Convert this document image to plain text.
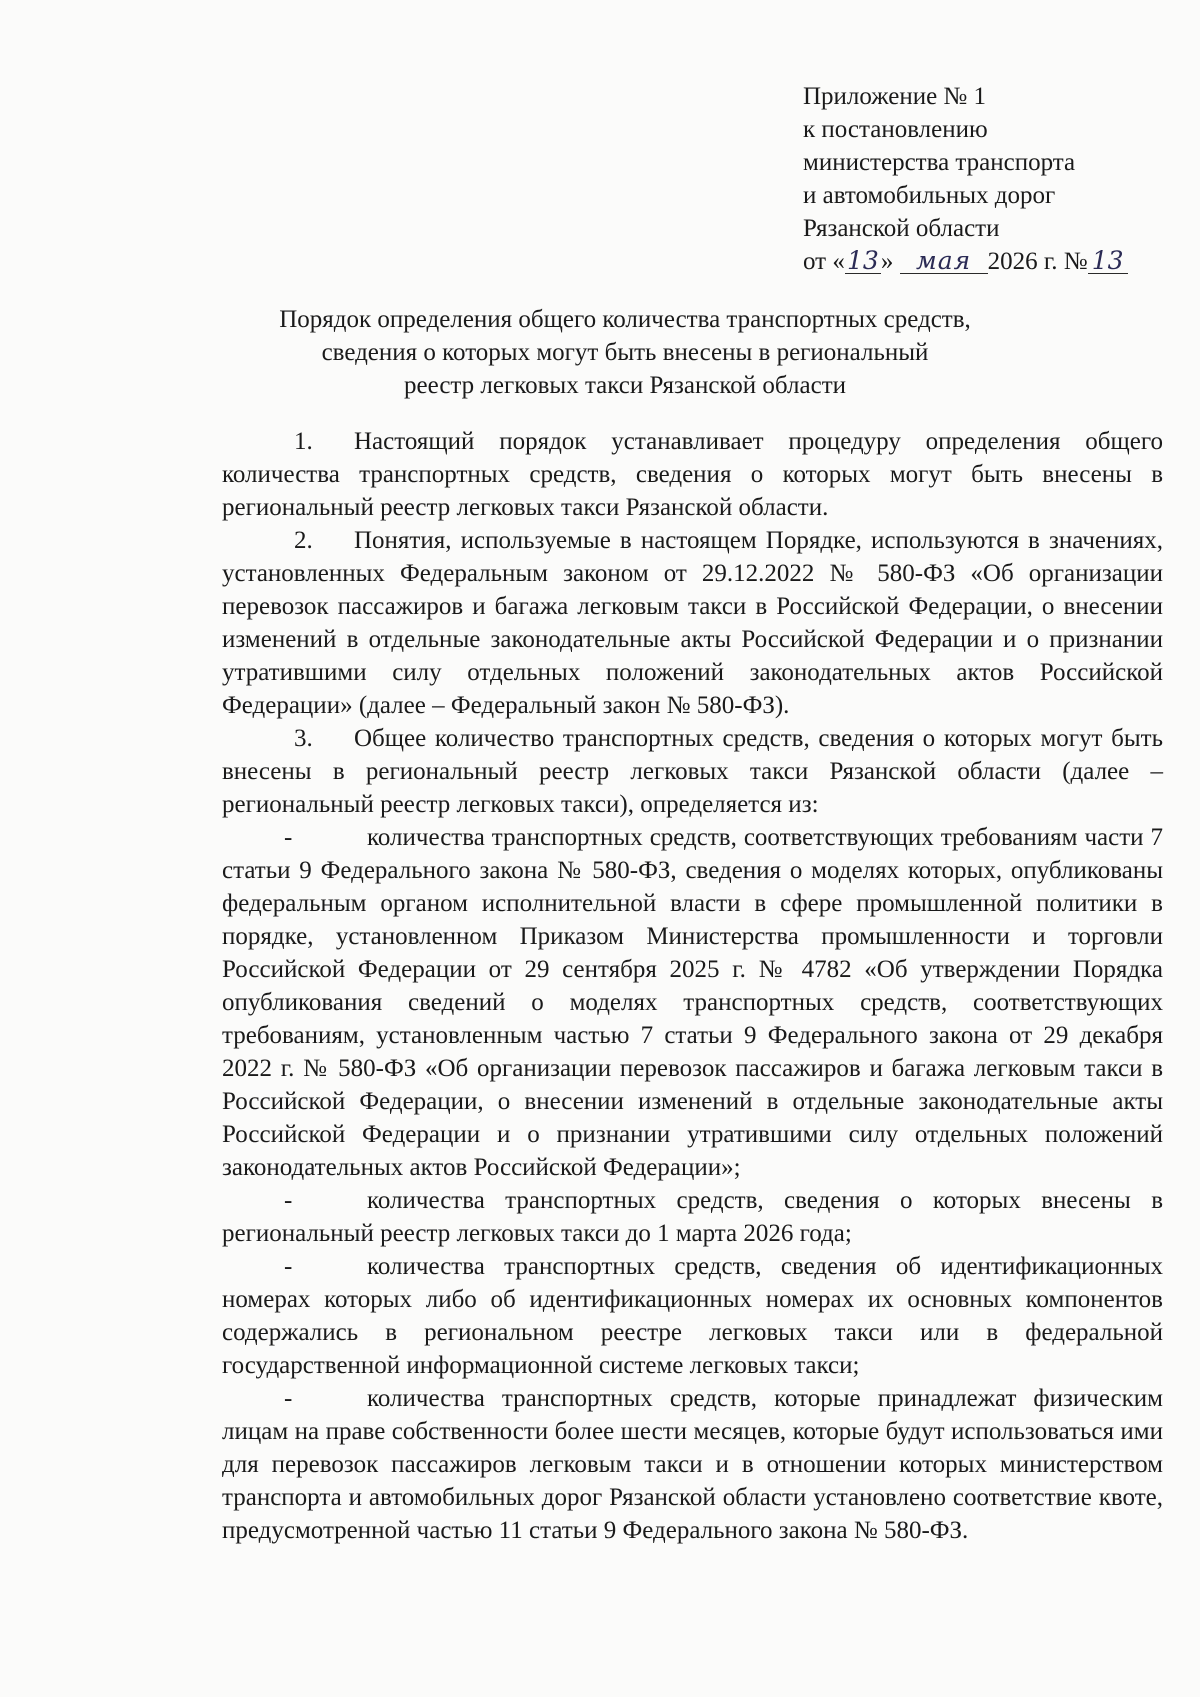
Приложение № 1
к постановлению
министерства транспорта
и автомобильных дорог
Рязанской области
от «13» мая 2026 г. № 13
Порядок определения общего количества транспортных средств,
сведения о которых могут быть внесены в региональный
реестр легковых такси Рязанской области

1. Настоящий порядок устанавливает процедуру определения общего количества транспортных средств, сведения о которых могут быть внесены в региональный реестр легковых такси Рязанской области.

2. Понятия, используемые в настоящем Порядке, используются в значениях, установленных Федеральным законом от 29.12.2022 № 580-ФЗ «Об организации перевозок пассажиров и багажа легковым такси в Российской Федерации, о внесении изменений в отдельные законодательные акты Российской Федерации и о признании утратившими силу отдельных положений законодательных актов Российской Федерации» (далее – Федеральный закон № 580-ФЗ).

3. Общее количество транспортных средств, сведения о которых могут быть внесены в региональный реестр легковых такси Рязанской области (далее – региональный реестр легковых такси), определяется из:

-	количества транспортных средств, соответствующих требованиям части 7 статьи 9 Федерального закона № 580-ФЗ, сведения о моделях которых, опубликованы федеральным органом исполнительной власти в сфере промышленной политики в порядке, установленном Приказом Министерства промышленности и торговли Российской Федерации от 29 сентября 2025 г. № 4782 «Об утверждении Порядка опубликования сведений о моделях транспортных средств, соответствующих требованиям, установленным частью 7 статьи 9 Федерального закона от 29 декабря 2022 г. № 580-ФЗ «Об организации перевозок пассажиров и багажа легковым такси в Российской Федерации, о внесении изменений в отдельные законодательные акты Российской Федерации и о признании утратившими силу отдельных положений законодательных актов Российской Федерации»;

-	количества транспортных средств, сведения о которых внесены в региональный реестр легковых такси до 1 марта 2026 года;

-	количества транспортных средств, сведения об идентификационных номерах которых либо об идентификационных номерах их основных компонентов содержались в региональном реестре легковых такси или в федеральной государственной информационной системе легковых такси;

-	количества транспортных средств, которые принадлежат физическим лицам на праве собственности более шести месяцев, которые будут использоваться ими для перевозок пассажиров легковым такси и в отношении которых министерством транспорта и автомобильных дорог Рязанской области установлено соответствие квоте, предусмотренной частью 11 статьи 9 Федерального закона № 580-ФЗ.
